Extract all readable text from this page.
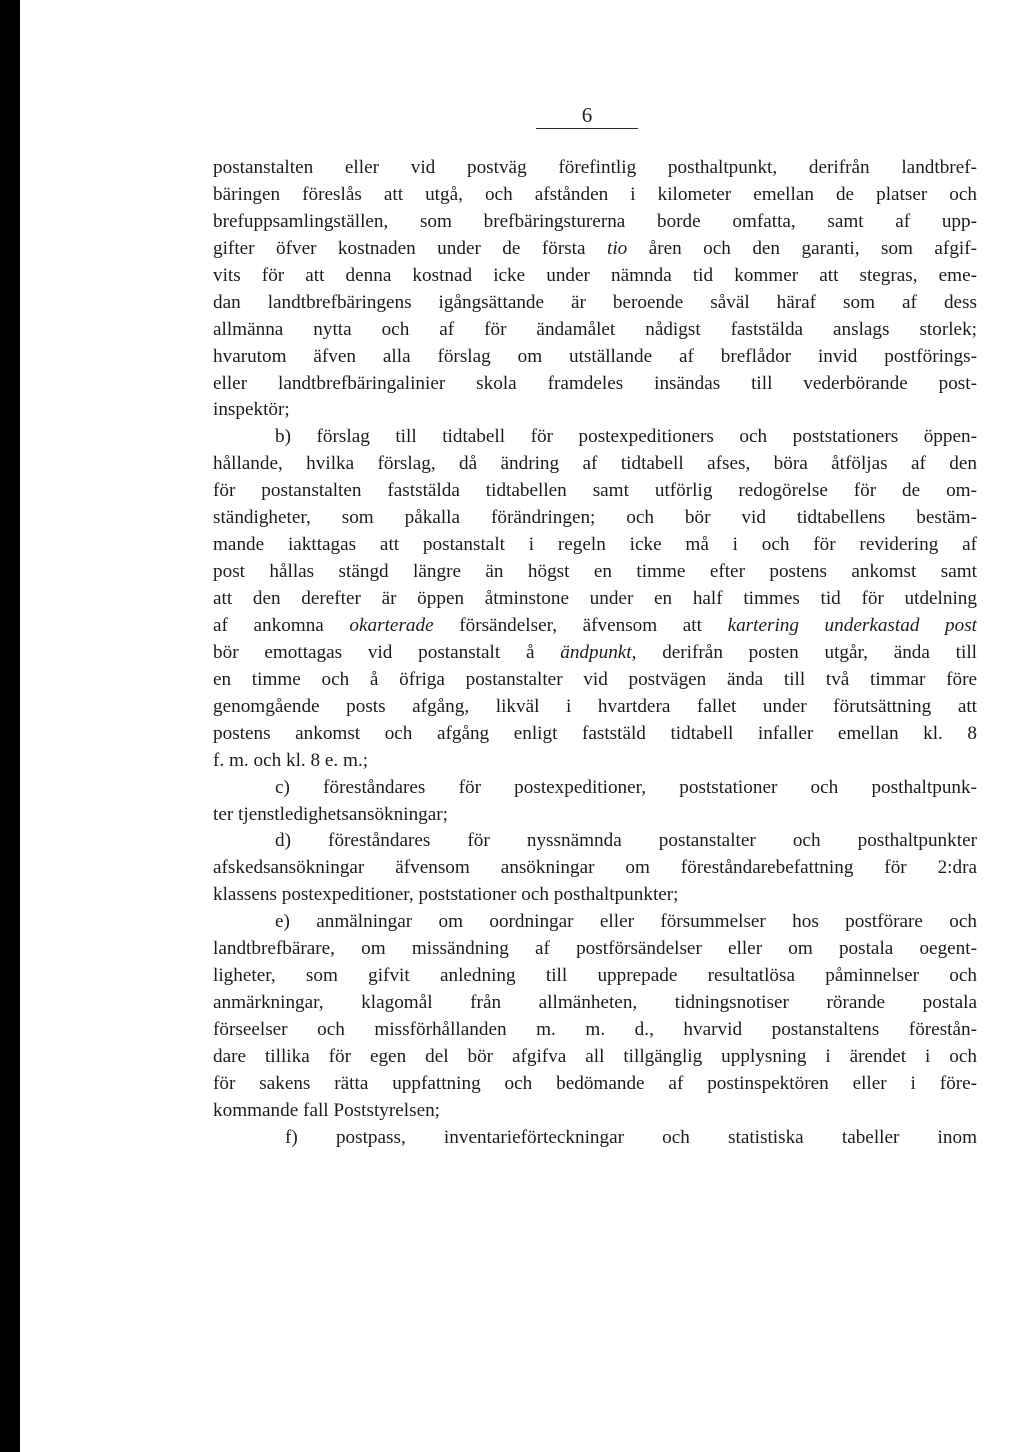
6
postanstalten eller vid postväg förefintlig posthaltpunkt, derifrån landtbref-
bäringen föreslås att utgå, och afstånden i kilometer emellan de platser och
brefuppsamlingställen, som brefbäringsturerna borde omfatta, samt af upp-
gifter öfver kostnaden under de första tio åren och den garanti, som afgif-
vits för att denna kostnad icke under nämnda tid kommer att stegras, eme-
dan landtbrefbäringens igångsättande är beroende såväl häraf som af dess
allmänna nytta och af för ändamålet nådigst faststälda anslags storlek;
hvarutom äfven alla förslag om utställande af breflådor invid postförings-
eller landtbrefbäringalinier skola framdeles insändas till vederbörande post-
inspektör;
b) förslag till tidtabell för postexpeditioners och poststationers öppen-
hållande, hvilka förslag, då ändring af tidtabell afses, böra åtföljas af den
för postanstalten faststälda tidtabellen samt utförlig redogörelse för de om-
ständigheter, som påkalla förändringen; och bör vid tidtabellens bestäm-
mande iakttagas att postanstalt i regeln icke må i och för revidering af
post hållas stängd längre än högst en timme efter postens ankomst samt
att den derefter är öppen åtminstone under en half timmes tid för utdelning
af ankomna okarterade försändelser, äfvensom att kartering underkastad post
bör emottagas vid postanstalt å ändpunkt, derifrån posten utgår, ända till
en timme och å öfriga postanstalter vid postvägen ända till två timmar före
genomgående posts afgång, likväl i hvartdera fallet under förutsättning att
postens ankomst och afgång enligt faststäld tidtabell infaller emellan kl. 8
f. m. och kl. 8 e. m.;
c) föreståndares för postexpeditioner, poststationer och posthaltpunk-
ter tjenstledighetsansökningar;
d) föreståndares för nyssnämnda postanstalter och posthaltpunkter
afskedsansökningar äfvensom ansökningar om föreståndarebefattning för 2:dra
klassens postexpeditioner, poststationer och posthaltpunkter;
e) anmälningar om oordningar eller försummelser hos postförare och
landtbrefbärare, om missändning af postförsändelser eller om postala oegent-
ligheter, som gifvit anledning till upprepade resultatlösa påminnelser och
anmärkningar, klagomål från allmänheten, tidningsnotiser rörande postala
förseelser och missförhållanden m. m. d., hvarvid postanstaltens förestån-
dare tillika för egen del bör afgifva all tillgänglig upplysning i ärendet i och
för sakens rätta uppfattning och bedömande af postinspektören eller i före-
kommande fall Poststyrelsen;
f) postpass, inventarieförteckningar och statistiska tabeller inom
